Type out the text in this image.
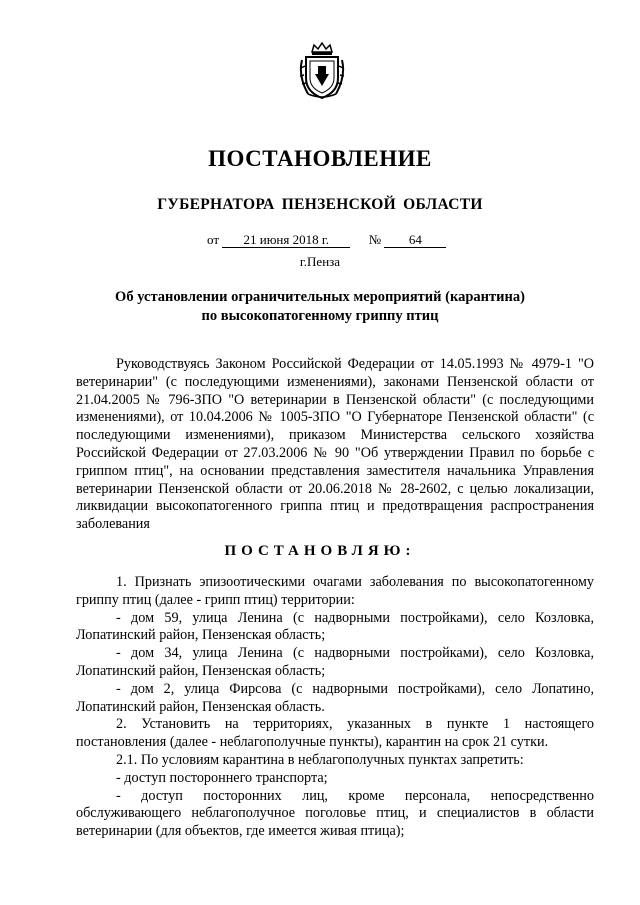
ПОСТАНОВЛЕНИЕ
ГУБЕРНАТОРА ПЕНЗЕНСКОЙ ОБЛАСТИ
от 21 июня 2018 г.	№ 64
г.Пенза
Об установлении ограничительных мероприятий (карантина)
по высокопатогенному гриппу птиц

Руководствуясь Законом Российской Федерации от 14.05.1993 № 4979-1 "О ветеринарии" (с последующими изменениями), законами Пензенской области от 21.04.2005 № 796-ЗПО "О ветеринарии в Пензенской области" (с последующими изменениями), от 10.04.2006 № 1005-ЗПО "О Губернаторе Пензенской области" (с последующими изменениями), приказом Министерства сельского хозяйства Российской Федерации от 27.03.2006 № 90 "Об утверждении Правил по борьбе с гриппом птиц", на основании представления заместителя начальника Управления ветеринарии Пензенской области от 20.06.2018 № 28-2602, с целью локализации, ликвидации высокопатогенного гриппа птиц и предотвращения распространения заболевания

ПОСТАНОВЛЯЮ:

1. Признать эпизоотическими очагами заболевания по высокопатогенному гриппу птиц (далее - грипп птиц) территории:

- дом 59, улица Ленина (с надворными постройками), село Козловка, Лопатинский район, Пензенская область;

- дом 34, улица Ленина (с надворными постройками), село Козловка, Лопатинский район, Пензенская область;

- дом 2, улица Фирсова (с надворными постройками), село Лопатино, Лопатинский район, Пензенская область.

2. Установить на территориях, указанных в пункте 1 настоящего постановления (далее - неблагополучные пункты), карантин на срок 21 сутки.

2.1. По условиям карантина в неблагополучных пунктах запретить:

- доступ постороннего транспорта;

- доступ посторонних лиц, кроме персонала, непосредственно обслуживающего неблагополучное поголовье птиц, и специалистов в области ветеринарии (для объектов, где имеется живая птица);
